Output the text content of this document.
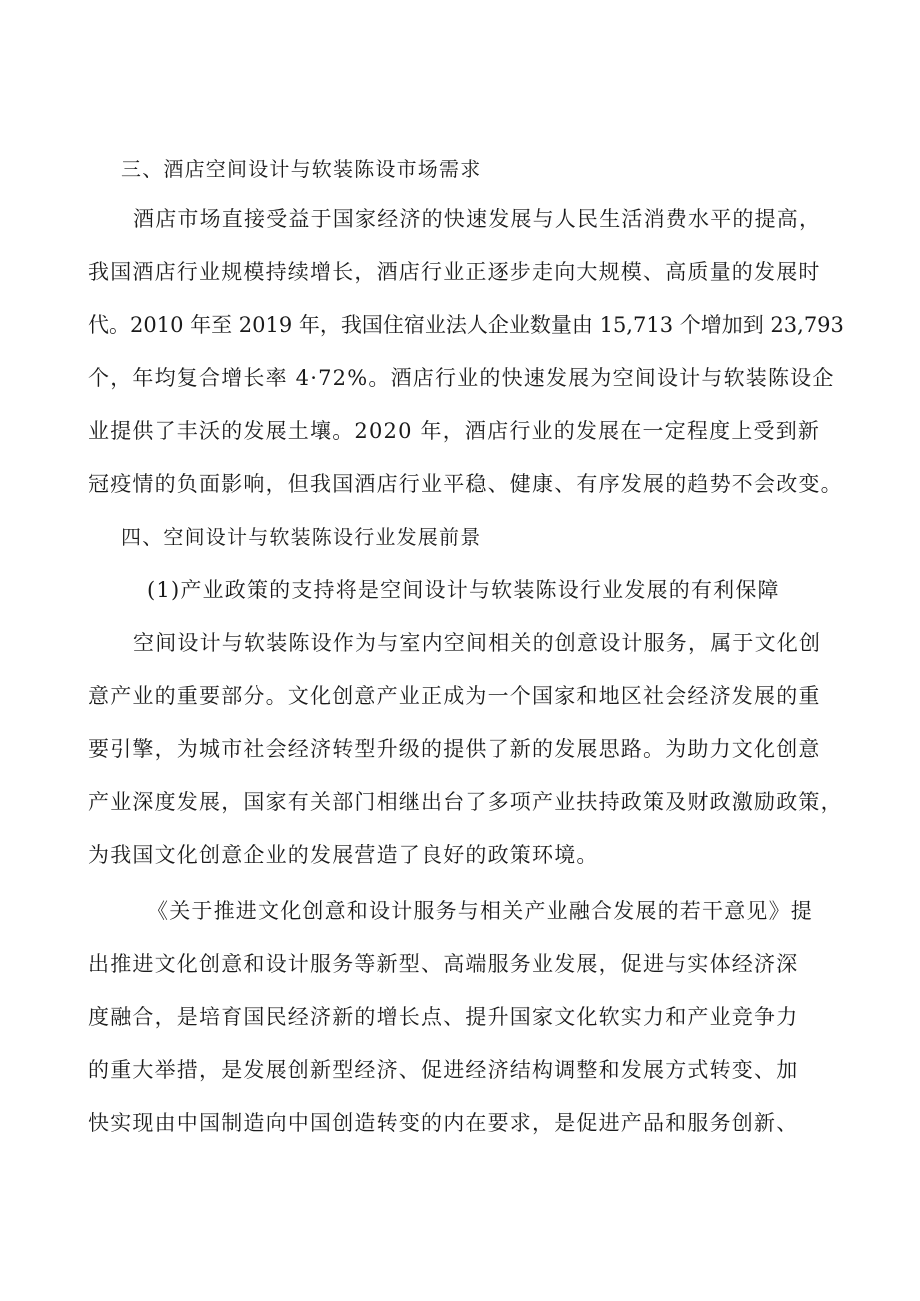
三、酒店空间设计与软装陈设市场需求
酒店市场直接受益于国家经济的快速发展与人民生活消费水平的提高，
我国酒店行业规模持续增长，酒店行业正逐步走向大规模、高质量的发展时
代。2010 年至 2019 年，我国住宿业法人企业数量由 15,713 个增加到 23,793
个，年均复合增长率 4·72%。酒店行业的快速发展为空间设计与软装陈设企
业提供了丰沃的发展土壤。2020 年，酒店行业的发展在一定程度上受到新
冠疫情的负面影响，但我国酒店行业平稳、健康、有序发展的趋势不会改变。
四、空间设计与软装陈设行业发展前景
(1)产业政策的支持将是空间设计与软装陈设行业发展的有利保障
空间设计与软装陈设作为与室内空间相关的创意设计服务，属于文化创
意产业的重要部分。文化创意产业正成为一个国家和地区社会经济发展的重
要引擎，为城市社会经济转型升级的提供了新的发展思路。为助力文化创意
产业深度发展，国家有关部门相继出台了多项产业扶持政策及财政激励政策，
为我国文化创意企业的发展营造了良好的政策环境。
《关于推进文化创意和设计服务与相关产业融合发展的若干意见》提
出推进文化创意和设计服务等新型、高端服务业发展，促进与实体经济深
度融合，是培育国民经济新的增长点、提升国家文化软实力和产业竞争力
的重大举措，是发展创新型经济、促进经济结构调整和发展方式转变、加
快实现由中国制造向中国创造转变的内在要求，是促进产品和服务创新、
